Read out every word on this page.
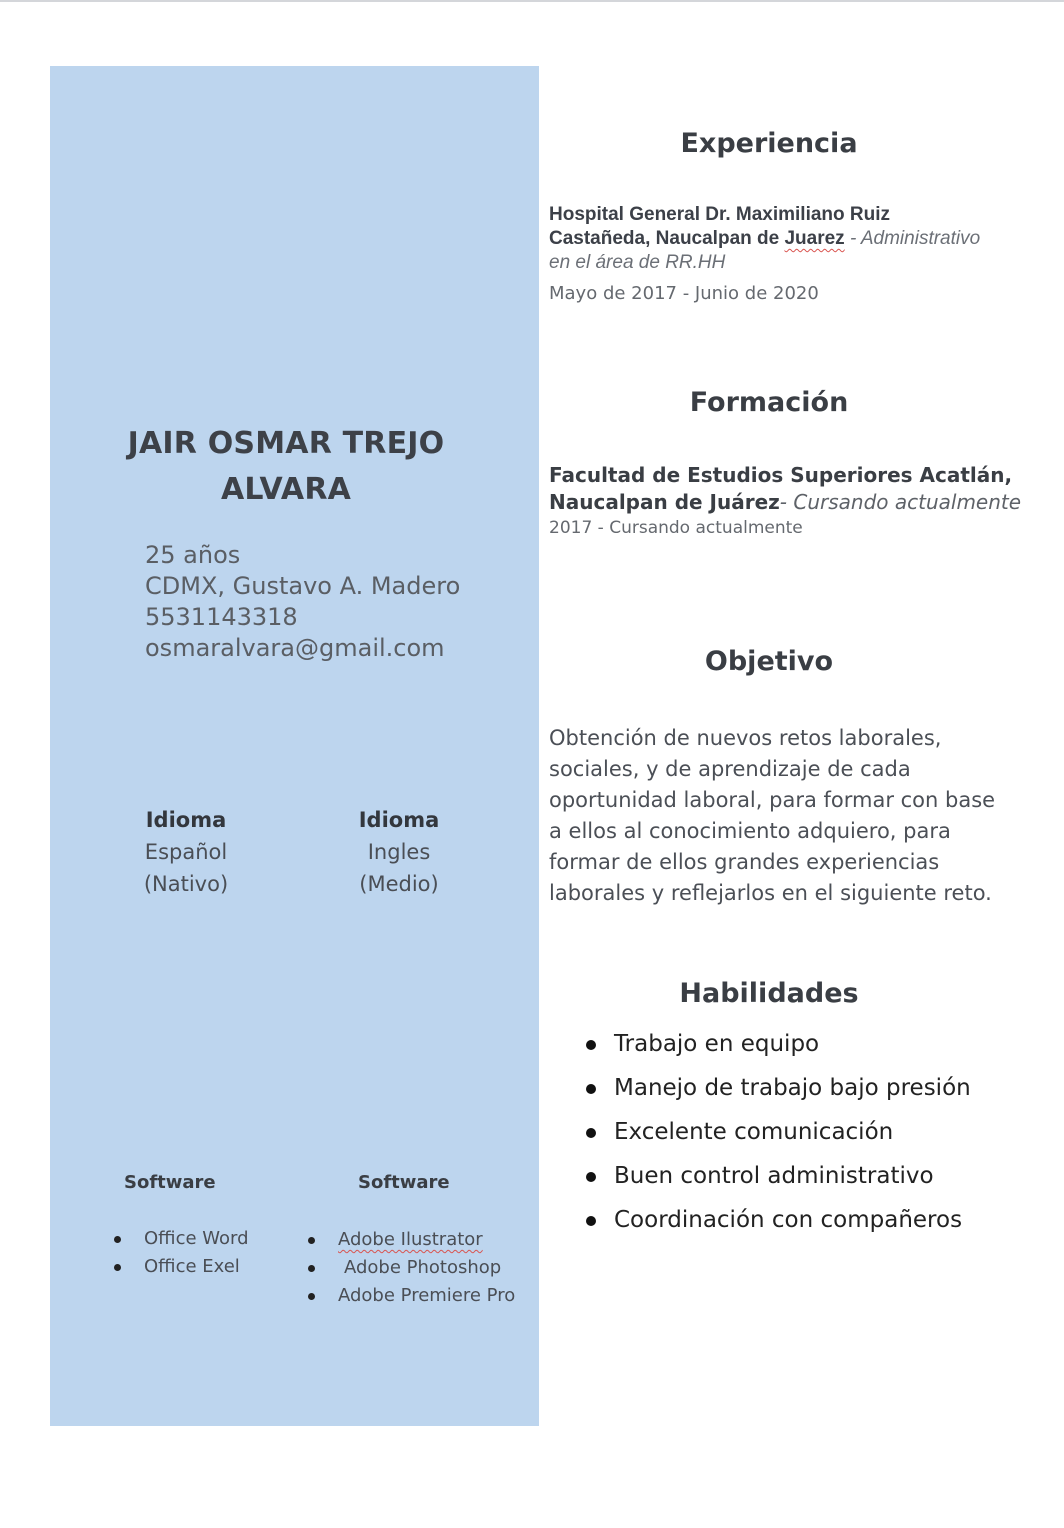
JAIR OSMAR TREJO
ALVARA
25 años
CDMX, Gustavo A. Madero
5531143318
osmaralvara@gmail.com
Idioma
Español
(Nativo)
Idioma
Ingles
(Medio)
Software	Software
Office Word
Office Exel
Adobe Ilustrator
Adobe Photoshop
Adobe Premiere Pro
Experiencia
Hospital General Dr. Maximiliano Ruiz
Castañeda, Naucalpan de Juarez - Administrativo
en el área de RR.HH
Mayo de 2017 - Junio de 2020
Formación
Facultad de Estudios Superiores Acatlán,
Naucalpan de Juárez- Cursando actualmente
2017 - Cursando actualmente
Objetivo
Obtención de nuevos retos laborales, sociales, y de aprendizaje de cada oportunidad laboral, para formar con base a ellos al conocimiento adquiero, para formar de ellos grandes experiencias laborales y reflejarlos en el siguiente reto.
Habilidades
Trabajo en equipo
Manejo de trabajo bajo presión
Excelente comunicación
Buen control administrativo
Coordinación con compañeros
